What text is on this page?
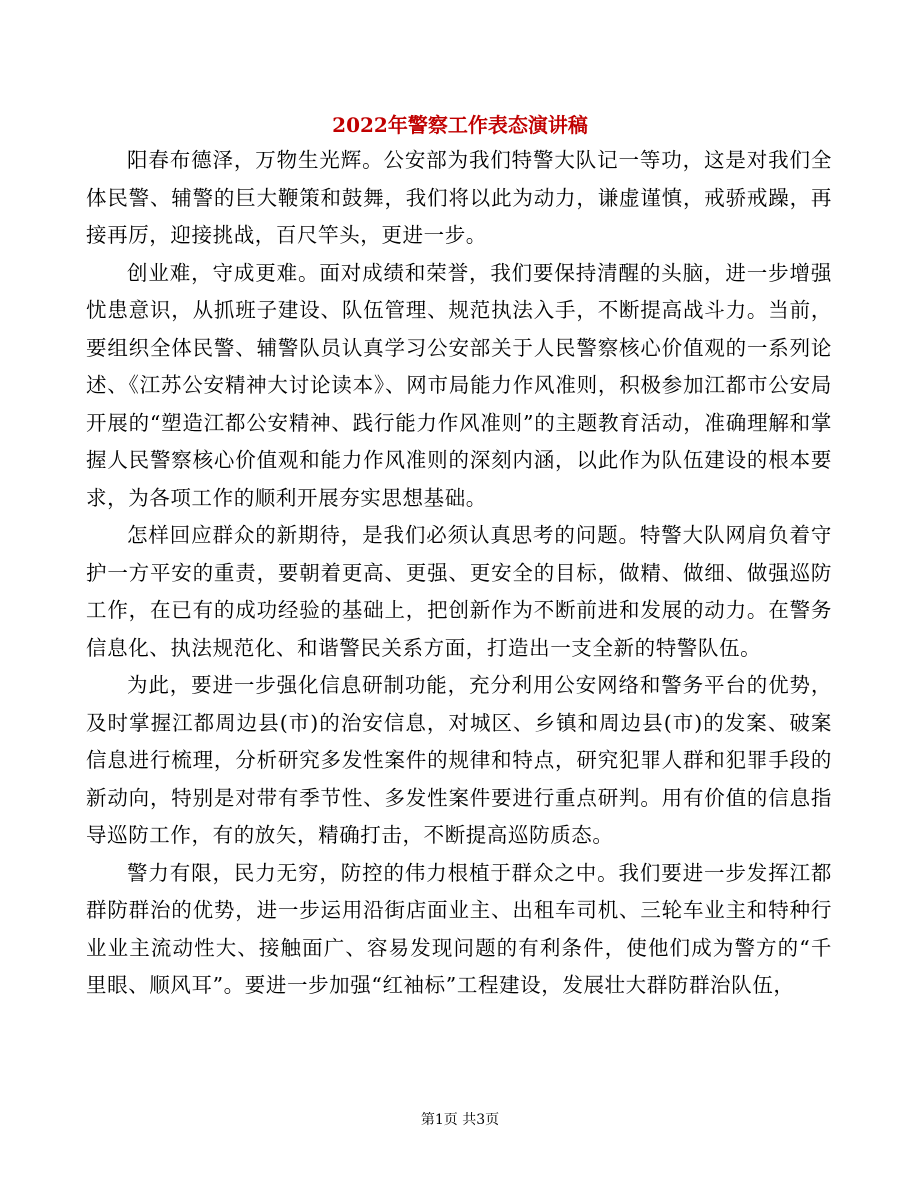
2022年警察工作表态演讲稿

阳春布德泽，万物生光辉。公安部为我们特警大队记一等功，这是对我们全体民警、辅警的巨大鞭策和鼓舞，我们将以此为动力，谦虚谨慎，戒骄戒躁，再接再厉，迎接挑战，百尺竿头，更进一步。

创业难，守成更难。面对成绩和荣誉，我们要保持清醒的头脑，进一步增强忧患意识，从抓班子建设、队伍管理、规范执法入手，不断提高战斗力。当前，要组织全体民警、辅警队员认真学习公安部关于人民警察核心价值观的一系列论述、《江苏公安精神大讨论读本》、网市局能力作风准则，积极参加江都市公安局开展的“塑造江都公安精神、践行能力作风准则”的主题教育活动，准确理解和掌握人民警察核心价值观和能力作风准则的深刻内涵，以此作为队伍建设的根本要求，为各项工作的顺利开展夯实思想基础。

怎样回应群众的新期待，是我们必须认真思考的问题。特警大队网肩负着守护一方平安的重责，要朝着更高、更强、更安全的目标，做精、做细、做强巡防工作，在已有的成功经验的基础上，把创新作为不断前进和发展的动力。在警务信息化、执法规范化、和谐警民关系方面，打造出一支全新的特警队伍。

为此，要进一步强化信息研制功能，充分利用公安网络和警务平台的优势，及时掌握江都周边县(市)的治安信息，对城区、乡镇和周边县(市)的发案、破案信息进行梳理，分析研究多发性案件的规律和特点，研究犯罪人群和犯罪手段的新动向，特别是对带有季节性、多发性案件要进行重点研判。用有价值的信息指导巡防工作，有的放矢，精确打击，不断提高巡防质态。

警力有限，民力无穷，防控的伟力根植于群众之中。我们要进一步发挥江都群防群治的优势，进一步运用沿街店面业主、出租车司机、三轮车业主和特种行业业主流动性大、接触面广、容易发现问题的有利条件，使他们成为警方的“千里眼、顺风耳”。要进一步加强“红袖标”工程建设，发展壮大群防群治队伍，

第1页 共3页
